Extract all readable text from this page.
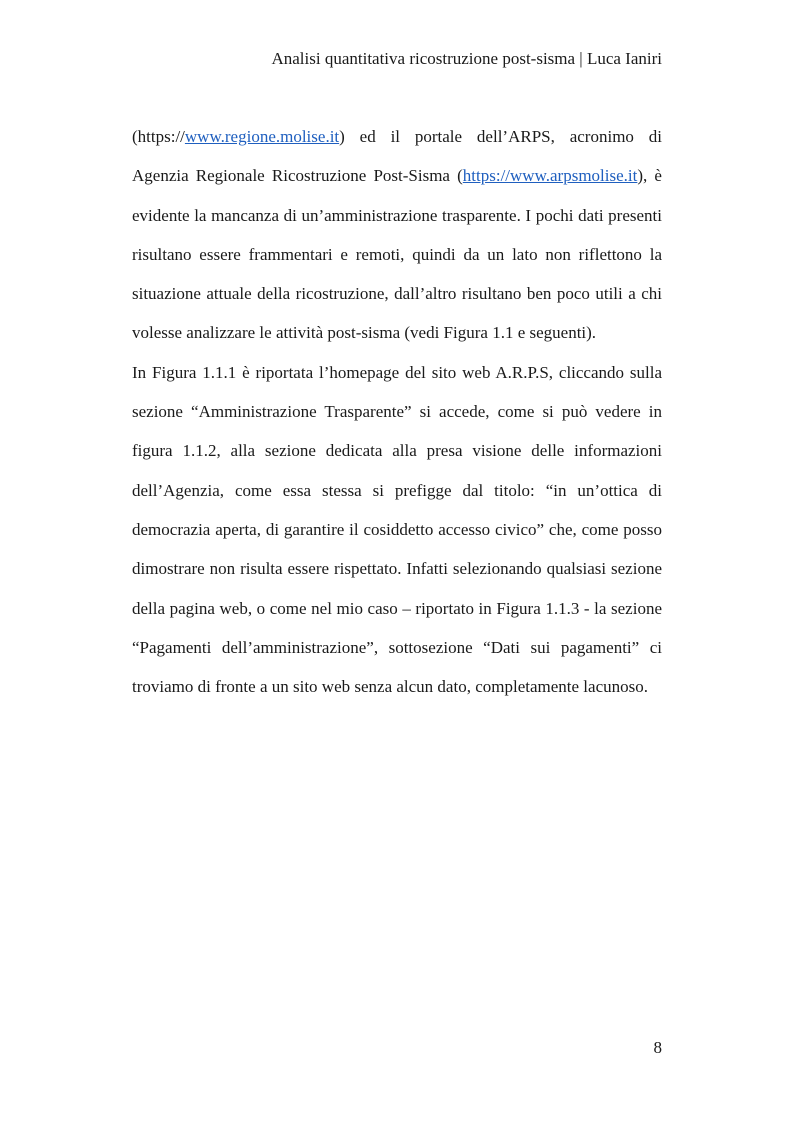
Analisi quantitativa ricostruzione post-sisma | Luca Ianiri

(https://www.regione.molise.it) ed il portale dell’ARPS, acronimo di
Agenzia Regionale Ricostruzione Post-Sisma (https://www.arpsmolise.it), è
evidente la mancanza di un’amministrazione trasparente. I pochi dati presenti
risultano essere frammentari e remoti, quindi da un lato non riflettono la
situazione attuale della ricostruzione, dall’altro risultano ben poco utili a chi
volesse analizzare le attività post-sisma (vedi Figura 1.1 e seguenti).

In Figura 1.1.1 è riportata l’homepage del sito web A.R.P.S, cliccando sulla
sezione “Amministrazione Trasparente” si accede, come si può vedere in
figura 1.1.2, alla sezione dedicata alla presa visione delle informazioni
dell’Agenzia, come essa stessa si prefigge dal titolo: “in un’ottica di
democrazia aperta, di garantire il cosiddetto accesso civico” che, come posso
dimostrare non risulta essere rispettato. Infatti selezionando qualsiasi sezione
della pagina web, o come nel mio caso – riportato in Figura 1.1.3 - la sezione
“Pagamenti dell’amministrazione”, sottosezione “Dati sui pagamenti” ci
troviamo di fronte a un sito web senza alcun dato, completamente lacunoso.

8
